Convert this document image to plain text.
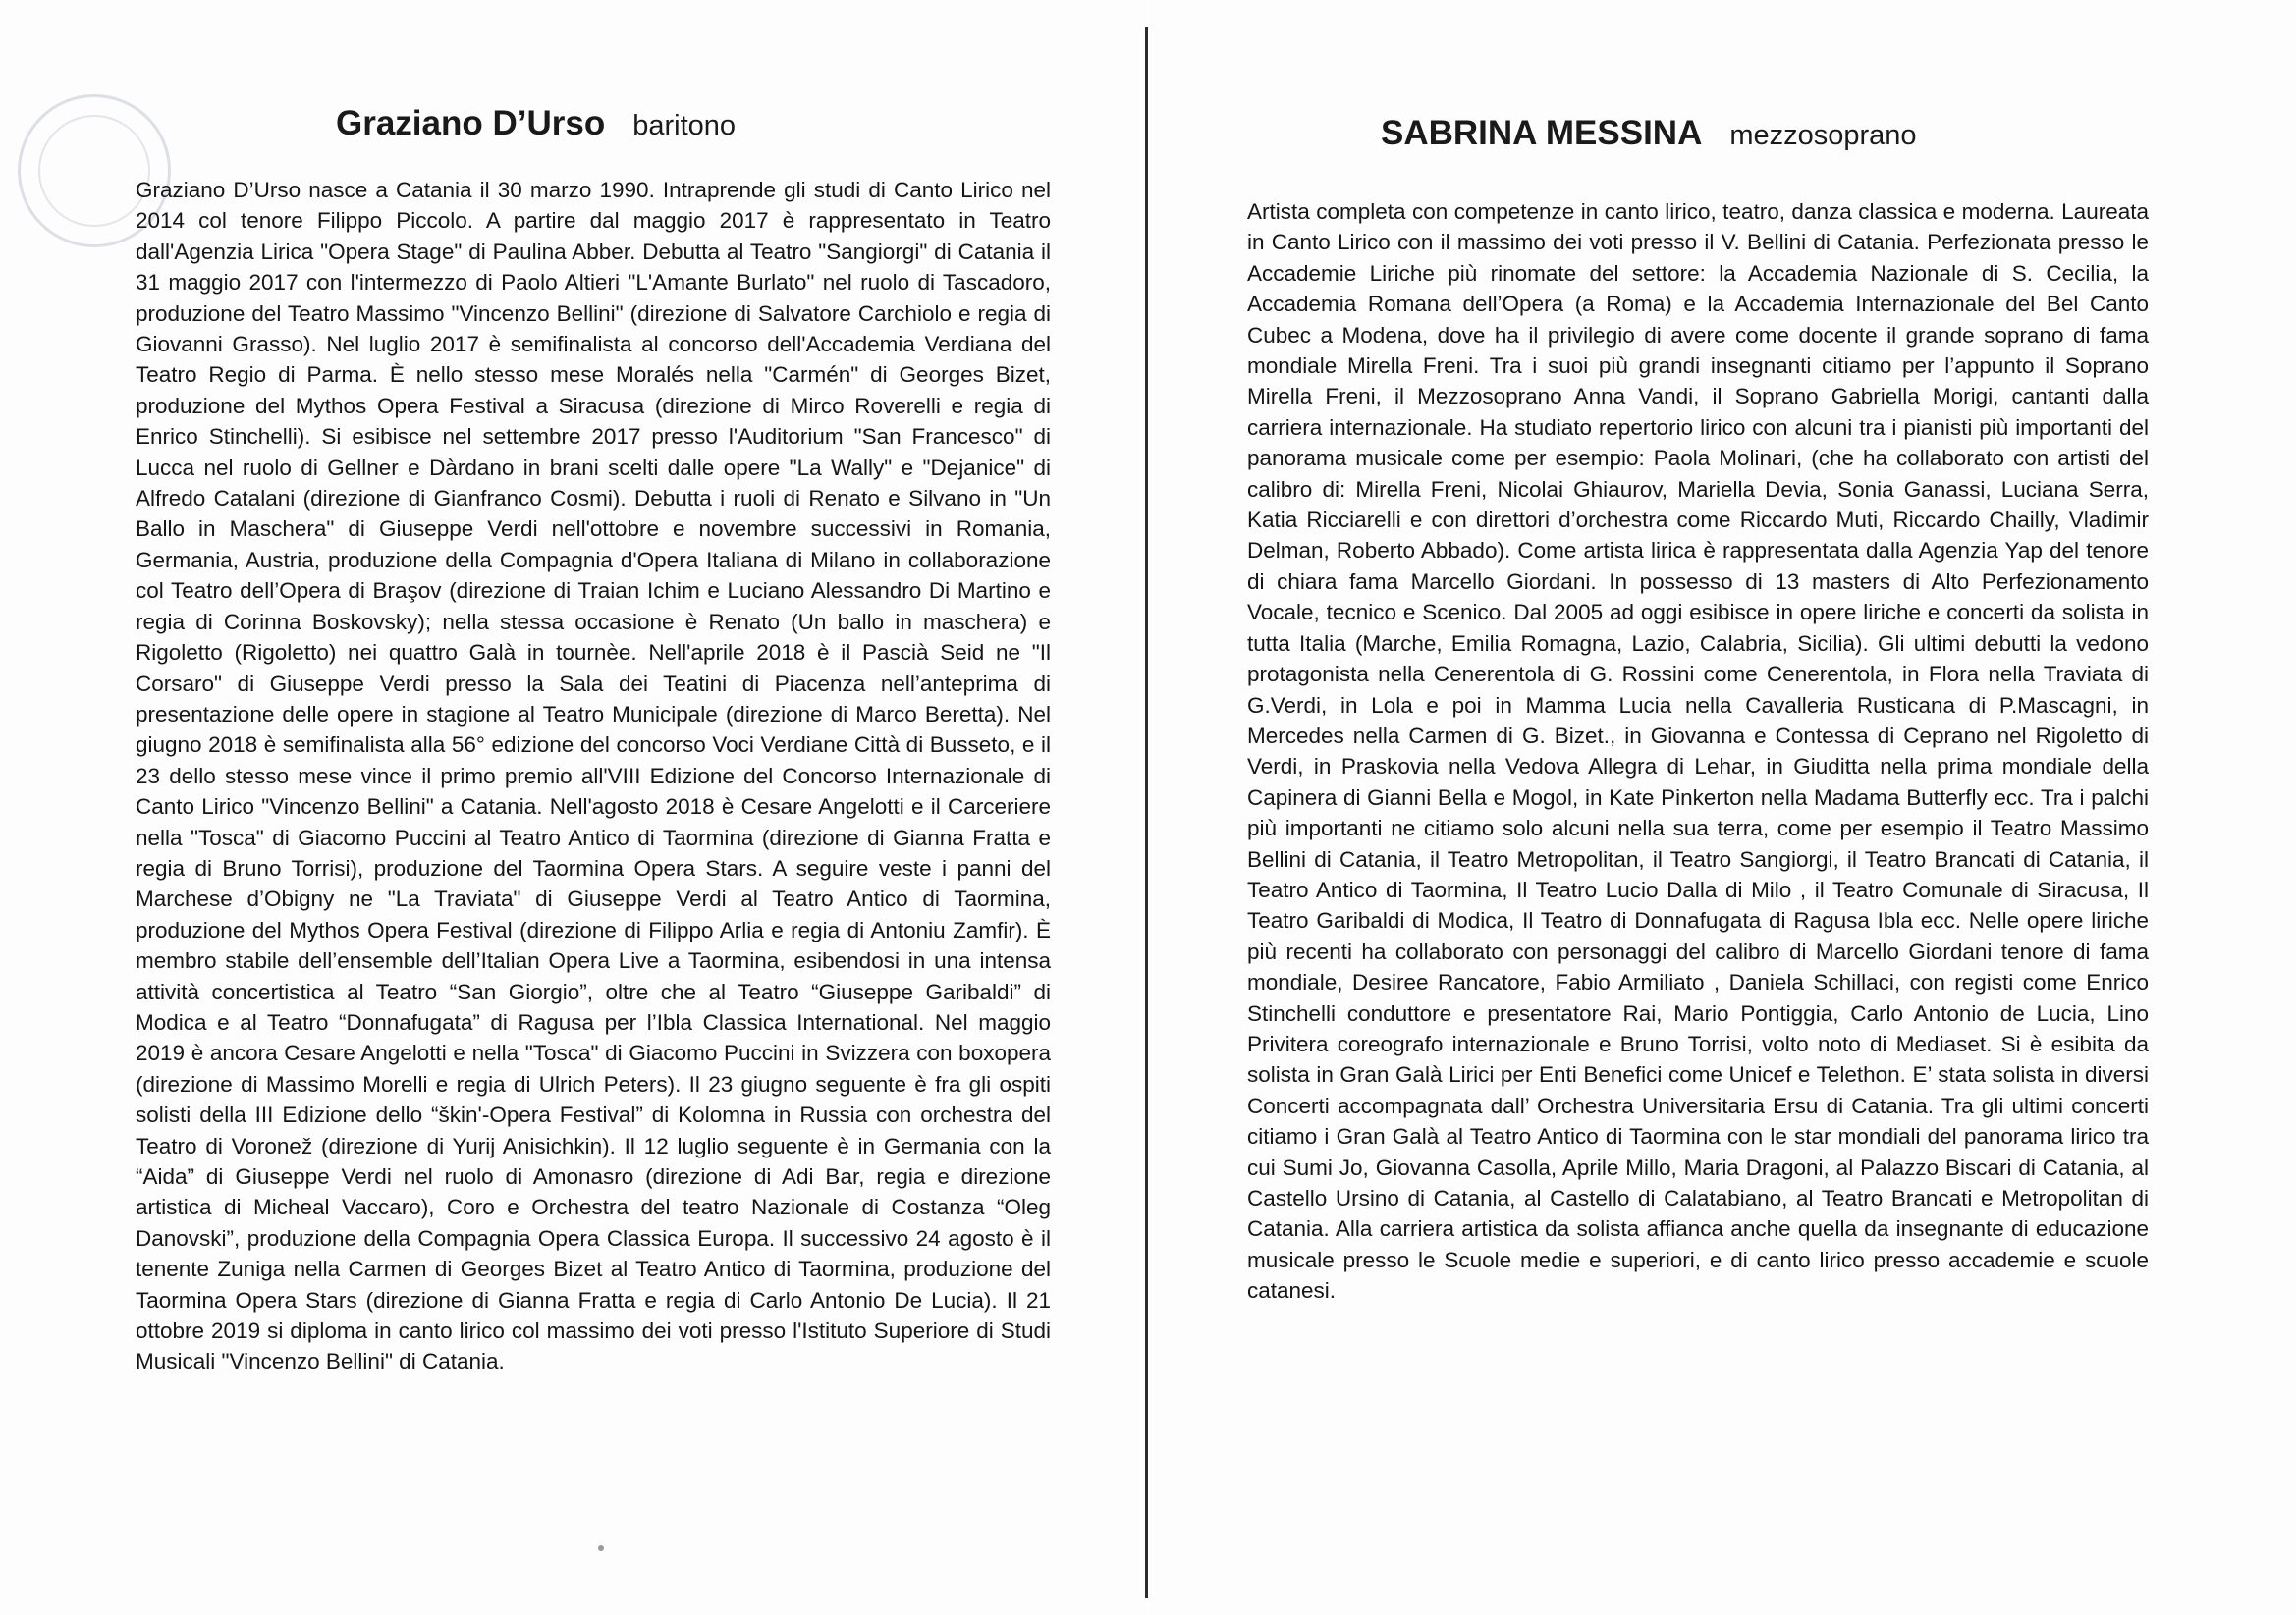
Graziano D’Urso baritono

Graziano D’Urso nasce a Catania il 30 marzo 1990. Intraprende gli studi di Canto Lirico nel 2014 col tenore Filippo Piccolo. A partire dal maggio 2017 è rappresentato in Teatro dall'Agenzia Lirica "Opera Stage" di Paulina Abber. Debutta al Teatro "Sangiorgi" di Catania il 31 maggio 2017 con l'intermezzo di Paolo Altieri "L'Amante Burlato" nel ruolo di Tascadoro, produzione del Teatro Massimo "Vincenzo Bellini" (direzione di Salvatore Carchiolo e regia di Giovanni Grasso). Nel luglio 2017 è semifinalista al concorso dell'Accademia Verdiana del Teatro Regio di Parma. È nello stesso mese Moralés nella "Carmén" di Georges Bizet, produzione del Mythos Opera Festival a Siracusa (direzione di Mirco Roverelli e regia di Enrico Stinchelli). Si esibisce nel settembre 2017 presso l'Auditorium "San Francesco" di Lucca nel ruolo di Gellner e Dàrdano in brani scelti dalle opere "La Wally" e "Dejanice" di Alfredo Catalani (direzione di Gianfranco Cosmi). Debutta i ruoli di Renato e Silvano in "Un Ballo in Maschera" di Giuseppe Verdi nell'ottobre e novembre successivi in Romania, Germania, Austria, produzione della Compagnia d'Opera Italiana di Milano in collaborazione col Teatro dell’Opera di Braşov (direzione di Traian Ichim e Luciano Alessandro Di Martino e regia di Corinna Boskovsky); nella stessa occasione è Renato (Un ballo in maschera) e Rigoletto (Rigoletto) nei quattro Galà in tournèe. Nell'aprile 2018 è il Pascià Seid ne "Il Corsaro" di Giuseppe Verdi presso la Sala dei Teatini di Piacenza nell’anteprima di presentazione delle opere in stagione al Teatro Municipale (direzione di Marco Beretta). Nel giugno 2018 è semifinalista alla 56° edizione del concorso Voci Verdiane Città di Busseto, e il 23 dello stesso mese vince il primo premio all'VIII Edizione del Concorso Internazionale di Canto Lirico "Vincenzo Bellini" a Catania. Nell'agosto 2018 è Cesare Angelotti e il Carceriere nella "Tosca" di Giacomo Puccini al Teatro Antico di Taormina (direzione di Gianna Fratta e regia di Bruno Torrisi), produzione del Taormina Opera Stars. A seguire veste i panni del Marchese d’Obigny ne "La Traviata" di Giuseppe Verdi al Teatro Antico di Taormina, produzione del Mythos Opera Festival (direzione di Filippo Arlia e regia di Antoniu Zamfir). È membro stabile dell’ensemble dell’Italian Opera Live a Taormina, esibendosi in una intensa attività concertistica al Teatro “San Giorgio”, oltre che al Teatro “Giuseppe Garibaldi” di Modica e al Teatro “Donnafugata” di Ragusa per l’Ibla Classica International. Nel maggio 2019 è ancora Cesare Angelotti e nella "Tosca" di Giacomo Puccini in Svizzera con boxopera (direzione di Massimo Morelli e regia di Ulrich Peters). Il 23 giugno seguente è fra gli ospiti solisti della III Edizione dello “škin'-Opera Festival” di Kolomna in Russia con orchestra del Teatro di Voronež (direzione di Yurij Anisichkin). Il 12 luglio seguente è in Germania con la “Aida” di Giuseppe Verdi nel ruolo di Amonasro (direzione di Adi Bar, regia e direzione artistica di Micheal Vaccaro), Coro e Orchestra del teatro Nazionale di Costanza “Oleg Danovski”, produzione della Compagnia Opera Classica Europa. Il successivo 24 agosto è il tenente Zuniga nella Carmen di Georges Bizet al Teatro Antico di Taormina, produzione del Taormina Opera Stars (direzione di Gianna Fratta e regia di Carlo Antonio De Lucia). Il 21 ottobre 2019 si diploma in canto lirico col massimo dei voti presso l'Istituto Superiore di Studi Musicali "Vincenzo Bellini" di Catania.

SABRINA MESSINA mezzosoprano

Artista completa con competenze in canto lirico, teatro, danza classica e moderna. Laureata in Canto Lirico con il massimo dei voti presso il V. Bellini di Catania. Perfezionata presso le Accademie Liriche più rinomate del settore: la Accademia Nazionale di S. Cecilia, la Accademia Romana dell’Opera (a Roma) e la Accademia Internazionale del Bel Canto Cubec a Modena, dove ha il privilegio di avere come docente il grande soprano di fama mondiale Mirella Freni. Tra i suoi più grandi insegnanti citiamo per l’appunto il Soprano Mirella Freni, il Mezzosoprano Anna Vandi, il Soprano Gabriella Morigi, cantanti dalla carriera internazionale. Ha studiato repertorio lirico con alcuni tra i pianisti più importanti del panorama musicale come per esempio: Paola Molinari, (che ha collaborato con artisti del calibro di: Mirella Freni, Nicolai Ghiaurov, Mariella Devia, Sonia Ganassi, Luciana Serra, Katia Ricciarelli e con direttori d’orchestra come Riccardo Muti, Riccardo Chailly, Vladimir Delman, Roberto Abbado). Come artista lirica è rappresentata dalla Agenzia Yap del tenore di chiara fama Marcello Giordani. In possesso di 13 masters di Alto Perfezionamento Vocale, tecnico e Scenico. Dal 2005 ad oggi esibisce in opere liriche e concerti da solista in tutta Italia (Marche, Emilia Romagna, Lazio, Calabria, Sicilia). Gli ultimi debutti la vedono protagonista nella Cenerentola di G. Rossini come Cenerentola, in Flora nella Traviata di G.Verdi, in Lola e poi in Mamma Lucia nella Cavalleria Rusticana di P.Mascagni, in Mercedes nella Carmen di G. Bizet., in Giovanna e Contessa di Ceprano nel Rigoletto di Verdi, in Praskovia nella Vedova Allegra di Lehar, in Giuditta nella prima mondiale della Capinera di Gianni Bella e Mogol, in Kate Pinkerton nella Madama Butterfly ecc. Tra i palchi più importanti ne citiamo solo alcuni nella sua terra, come per esempio il Teatro Massimo Bellini di Catania, il Teatro Metropolitan, il Teatro Sangiorgi, il Teatro Brancati di Catania, il Teatro Antico di Taormina, Il Teatro Lucio Dalla di Milo , il Teatro Comunale di Siracusa, Il Teatro Garibaldi di Modica, Il Teatro di Donnafugata di Ragusa Ibla ecc. Nelle opere liriche più recenti ha collaborato con personaggi del calibro di Marcello Giordani tenore di fama mondiale, Desiree Rancatore, Fabio Armiliato , Daniela Schillaci, con registi come Enrico Stinchelli conduttore e presentatore Rai, Mario Pontiggia, Carlo Antonio de Lucia, Lino Privitera coreografo internazionale e Bruno Torrisi, volto noto di Mediaset. Si è esibita da solista in Gran Galà Lirici per Enti Benefici come Unicef e Telethon. E’ stata solista in diversi Concerti accompagnata dall’ Orchestra Universitaria Ersu di Catania. Tra gli ultimi concerti citiamo i Gran Galà al Teatro Antico di Taormina con le star mondiali del panorama lirico tra cui Sumi Jo, Giovanna Casolla, Aprile Millo, Maria Dragoni, al Palazzo Biscari di Catania, al Castello Ursino di Catania, al Castello di Calatabiano, al Teatro Brancati e Metropolitan di Catania. Alla carriera artistica da solista affianca anche quella da insegnante di educazione musicale presso le Scuole medie e superiori, e di canto lirico presso accademie e scuole catanesi.
